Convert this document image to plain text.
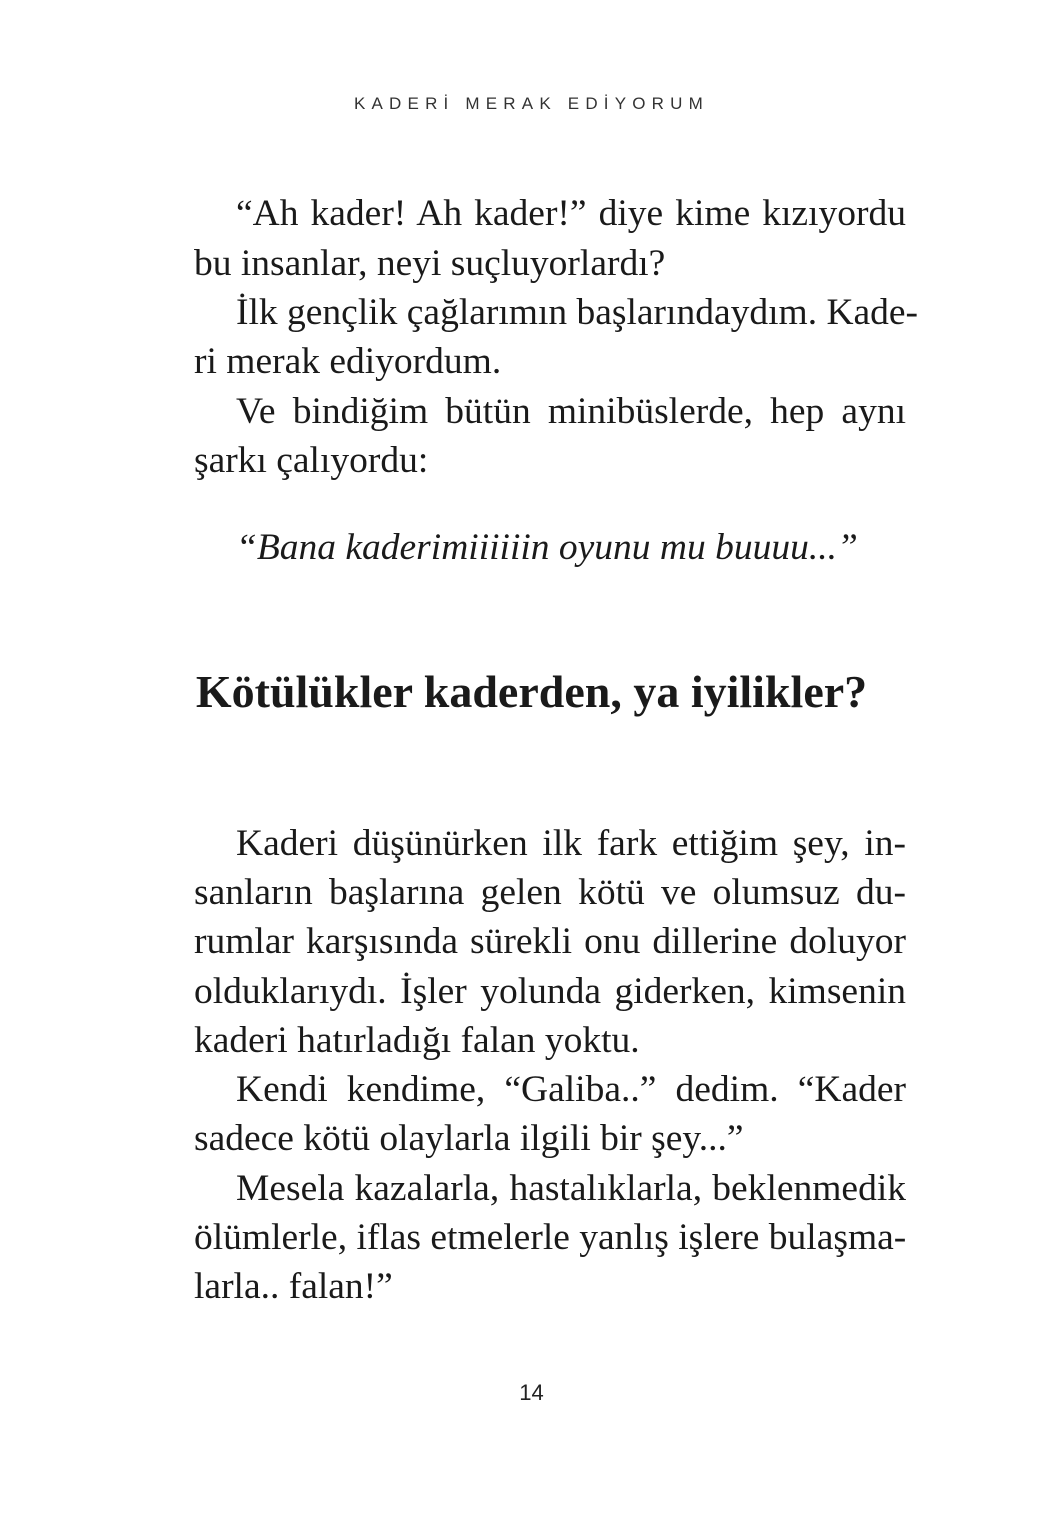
KADERİ MERAK EDİYORUM
“Ah kader! Ah kader!” diye kime kızıyordu
bu insanlar, neyi suçluyorlardı?
İlk gençlik çağlarımın başlarındaydım. Kade-
ri merak ediyordum.
Ve bindiğim bütün minibüslerde, hep aynı
şarkı çalıyordu:
“Bana kaderimiiiiiin oyunu mu buuuu...”
Kötülükler kaderden, ya iyilikler?
Kaderi düşünürken ilk fark ettiğim şey, in-
sanların başlarına gelen kötü ve olumsuz du-
rumlar karşısında sürekli onu dillerine doluyor
olduklarıydı. İşler yolunda giderken, kimsenin
kaderi hatırladığı falan yoktu.
Kendi kendime, “Galiba..” dedim. “Kader
sadece kötü olaylarla ilgili bir şey...”
Mesela kazalarla, hastalıklarla, beklenmedik
ölümlerle, iflas etmelerle yanlış işlere bulaşma-
larla.. falan!”
14
